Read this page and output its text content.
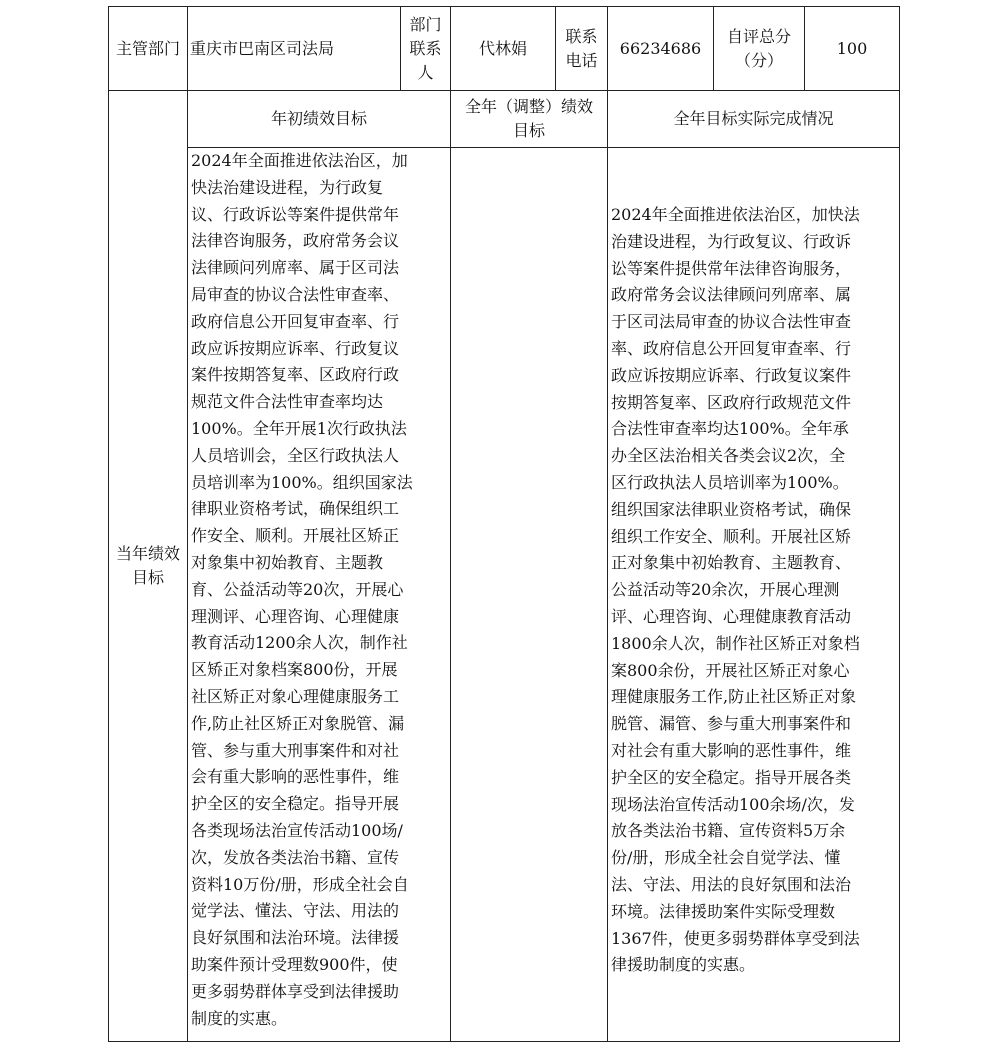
主管部门 重庆市巴南区司法局
部门
联系
人
代林娟
联系
电话
66234686
自评总分
（分）
100
当年绩效
目标
年初绩效目标
全年（调整）绩效
目标
全年目标实际完成情况
2024年全面推进依法治区，加
快法治建设进程，为行政复
议、行政诉讼等案件提供常年
法律咨询服务，政府常务会议
法律顾问列席率、属于区司法
局审查的协议合法性审查率、
政府信息公开回复审查率、行
政应诉按期应诉率、行政复议
案件按期答复率、区政府行政
规范文件合法性审查率均达
100%。全年开展1次行政执法
人员培训会，全区行政执法人
员培训率为100%。组织国家法
律职业资格考试，确保组织工
作安全、顺利。开展社区矫正
对象集中初始教育、主题教
育、公益活动等20次，开展心
理测评、心理咨询、心理健康
教育活动1200余人次，制作社
区矫正对象档案800份，开展
社区矫正对象心理健康服务工
作,防止社区矫正对象脱管、漏
管、参与重大刑事案件和对社
会有重大影响的恶性事件，维
护全区的安全稳定。指导开展
各类现场法治宣传活动100场/
次，发放各类法治书籍、宣传
资料10万份/册，形成全社会自
觉学法、懂法、守法、用法的
良好氛围和法治环境。法律援
助案件预计受理数900件，使
更多弱势群体享受到法律援助
制度的实惠。
2024年全面推进依法治区，加快法
治建设进程，为行政复议、行政诉
讼等案件提供常年法律咨询服务，
政府常务会议法律顾问列席率、属
于区司法局审查的协议合法性审查
率、政府信息公开回复审查率、行
政应诉按期应诉率、行政复议案件
按期答复率、区政府行政规范文件
合法性审查率均达100%。全年承
办全区法治相关各类会议2次，全
区行政执法人员培训率为100%。
组织国家法律职业资格考试，确保
组织工作安全、顺利。开展社区矫
正对象集中初始教育、主题教育、
公益活动等20余次，开展心理测
评、心理咨询、心理健康教育活动
1800余人次，制作社区矫正对象档
案800余份，开展社区矫正对象心
理健康服务工作,防止社区矫正对象
脱管、漏管、参与重大刑事案件和
对社会有重大影响的恶性事件，维
护全区的安全稳定。指导开展各类
现场法治宣传活动100余场/次，发
放各类法治书籍、宣传资料5万余
份/册，形成全社会自觉学法、懂
法、守法、用法的良好氛围和法治
环境。法律援助案件实际受理数
1367件，使更多弱势群体享受到法
律援助制度的实惠。
